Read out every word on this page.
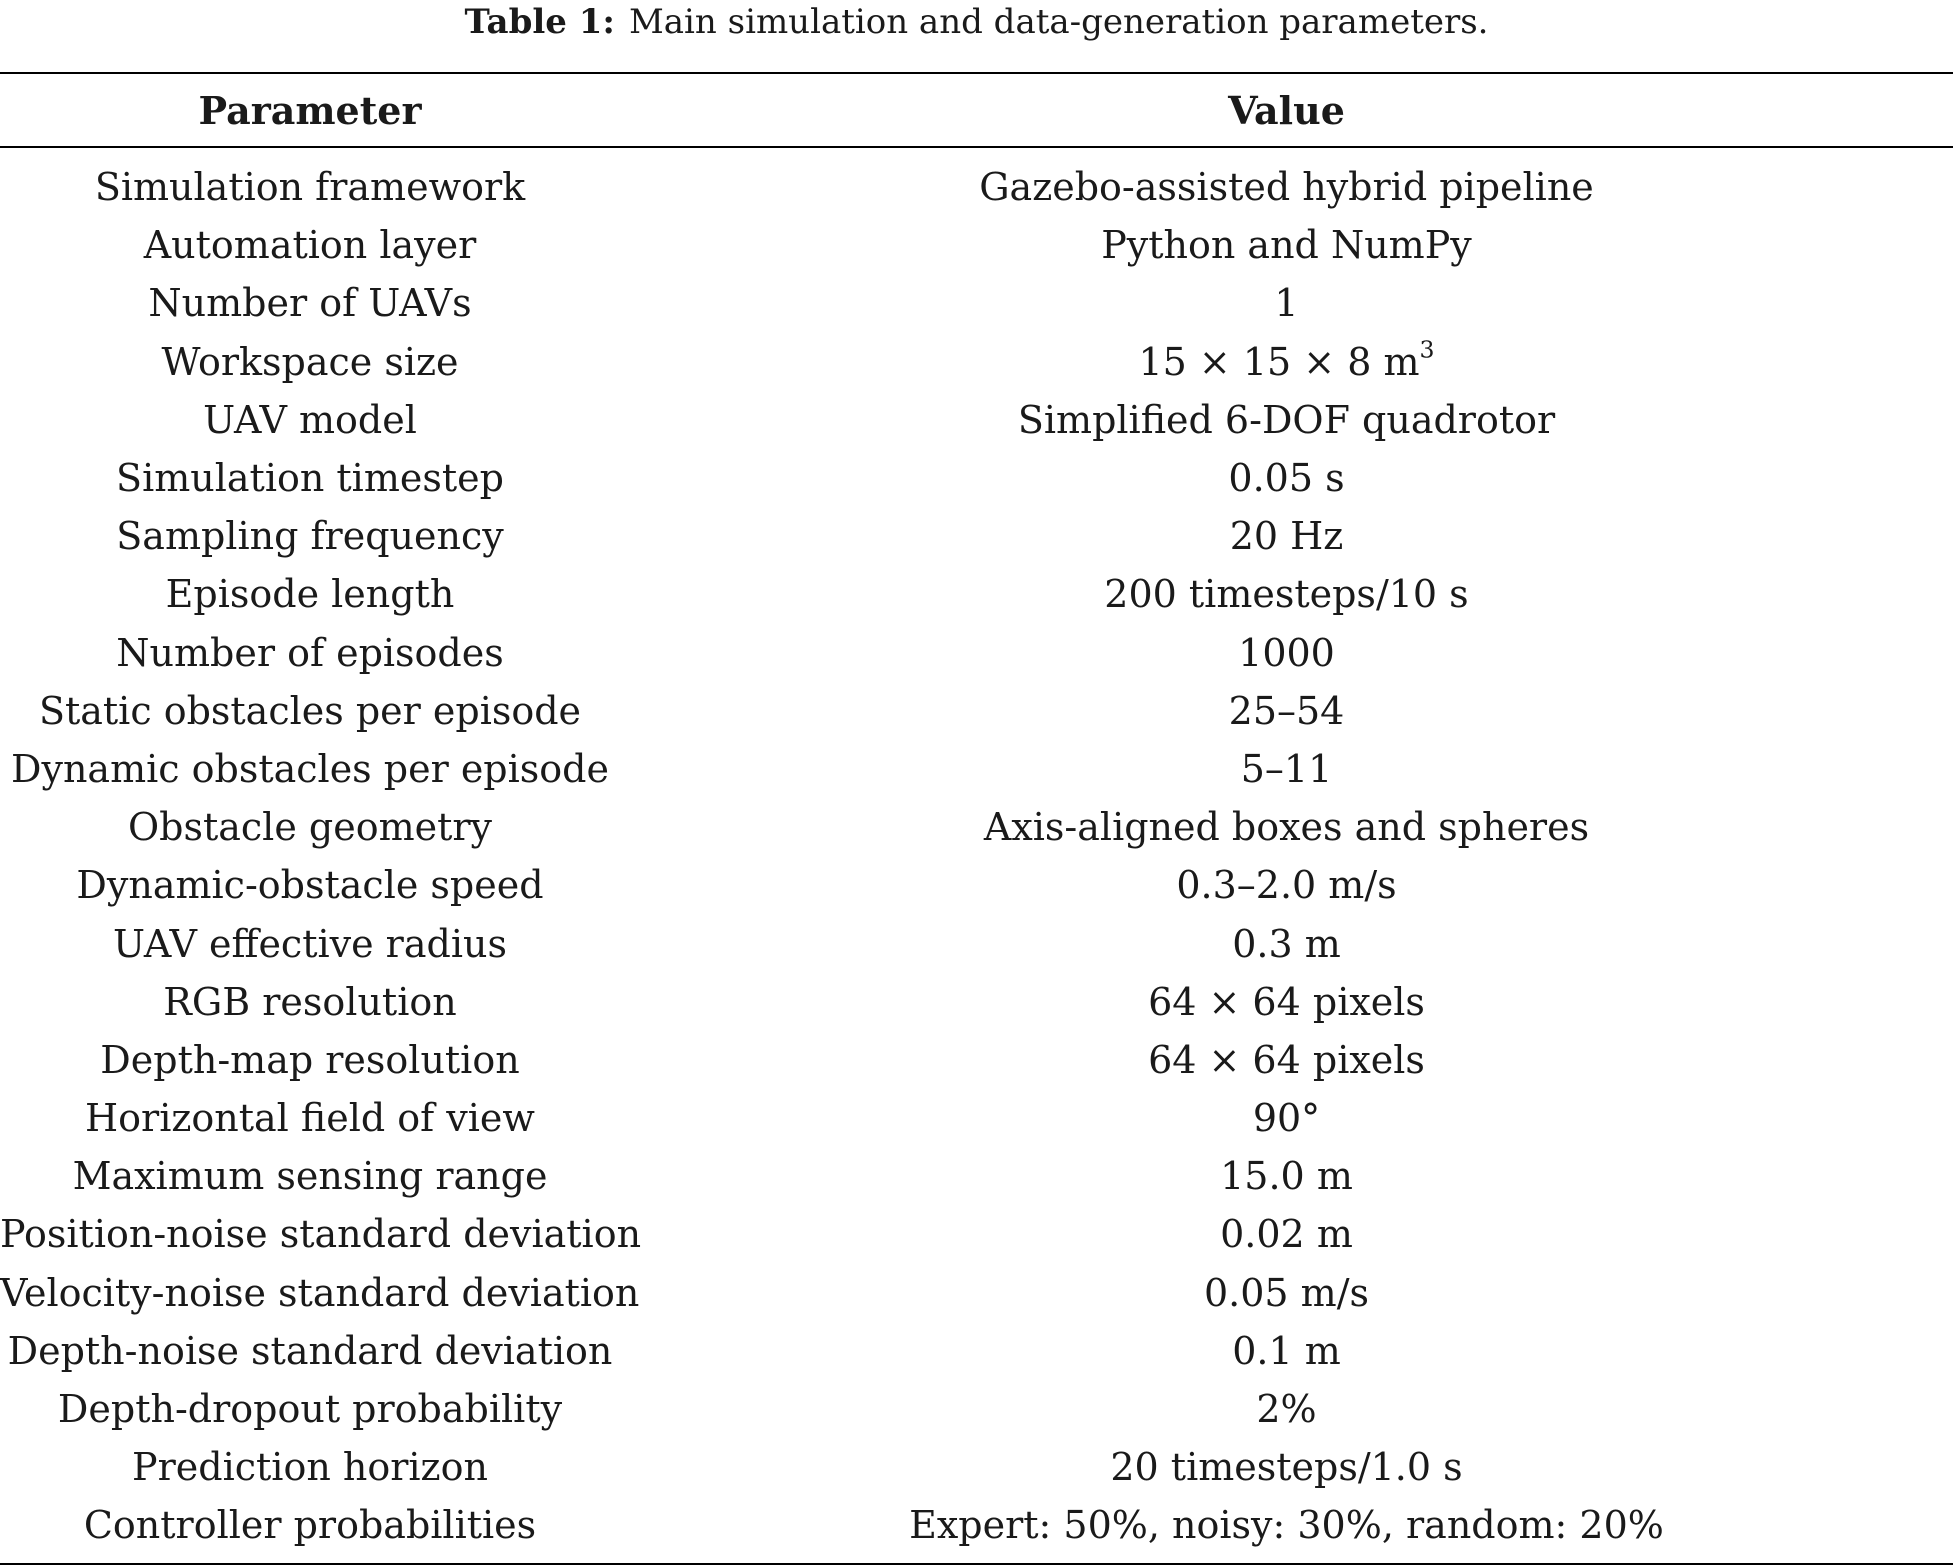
Table 1: Main simulation and data-generation parameters.
Parameter	Value
Simulation framework	Gazebo-assisted hybrid pipeline
Automation layer	Python and NumPy
Number of UAVs	1
Workspace size	15 × 15 × 8 $m^3$
UAV model	Simplified 6-DOF quadrotor
Simulation timestep	0.05 s
Sampling frequency	20 Hz
Episode length	200 timesteps/10 s
Number of episodes	1000
Static obstacles per episode	25–54
Dynamic obstacles per episode	5–11
Obstacle geometry	Axis-aligned boxes and spheres
Dynamic-obstacle speed	0.3–2.0 m/s
UAV effective radius	0.3 m
RGB resolution	64 × 64 pixels
Depth-map resolution	64 × 64 pixels
Horizontal field of view	90°
Maximum sensing range	15.0 m
Position-noise standard deviation	0.02 m
Velocity-noise standard deviation	0.05 m/s
Depth-noise standard deviation	0.1 m
Depth-dropout probability	2%
Prediction horizon	20 timesteps/1.0 s
Controller probabilities	Expert: 50%, noisy: 30%, random: 20%
